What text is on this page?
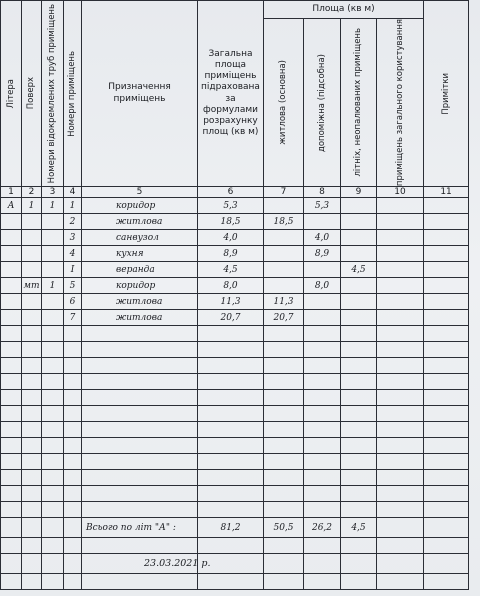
Літера	Поверх	Номери вiдокремлених труб приміщень	Номери приміщень	Призначення приміщень	Загальна площа приміщень підрахована за формулами розрахунку площ (кв м)	Площа (кв м)				Примітки

						житлова (основна)	допоміжна (підсобна)	літніх, неопалюваних приміщень	приміщень загального користування	

1	2	3	4	5	6	7	8	9	10	11
А	1	1	1	коридор	5,3		5,3			
			2	житлова	18,5	18,5				
			3	санвузол	4,0		4,0			
			4	кухня	8,9		8,9			
			I	веранда	4,5			4,5		
	мт	1	5	коридор	8,0		8,0			
			6	житлова	11,3	11,3				
			7	житлова	20,7	20,7				

				Всього по літ "А" :	81,2	50,5	26,2	4,5		

				23.03.2021 р.						
